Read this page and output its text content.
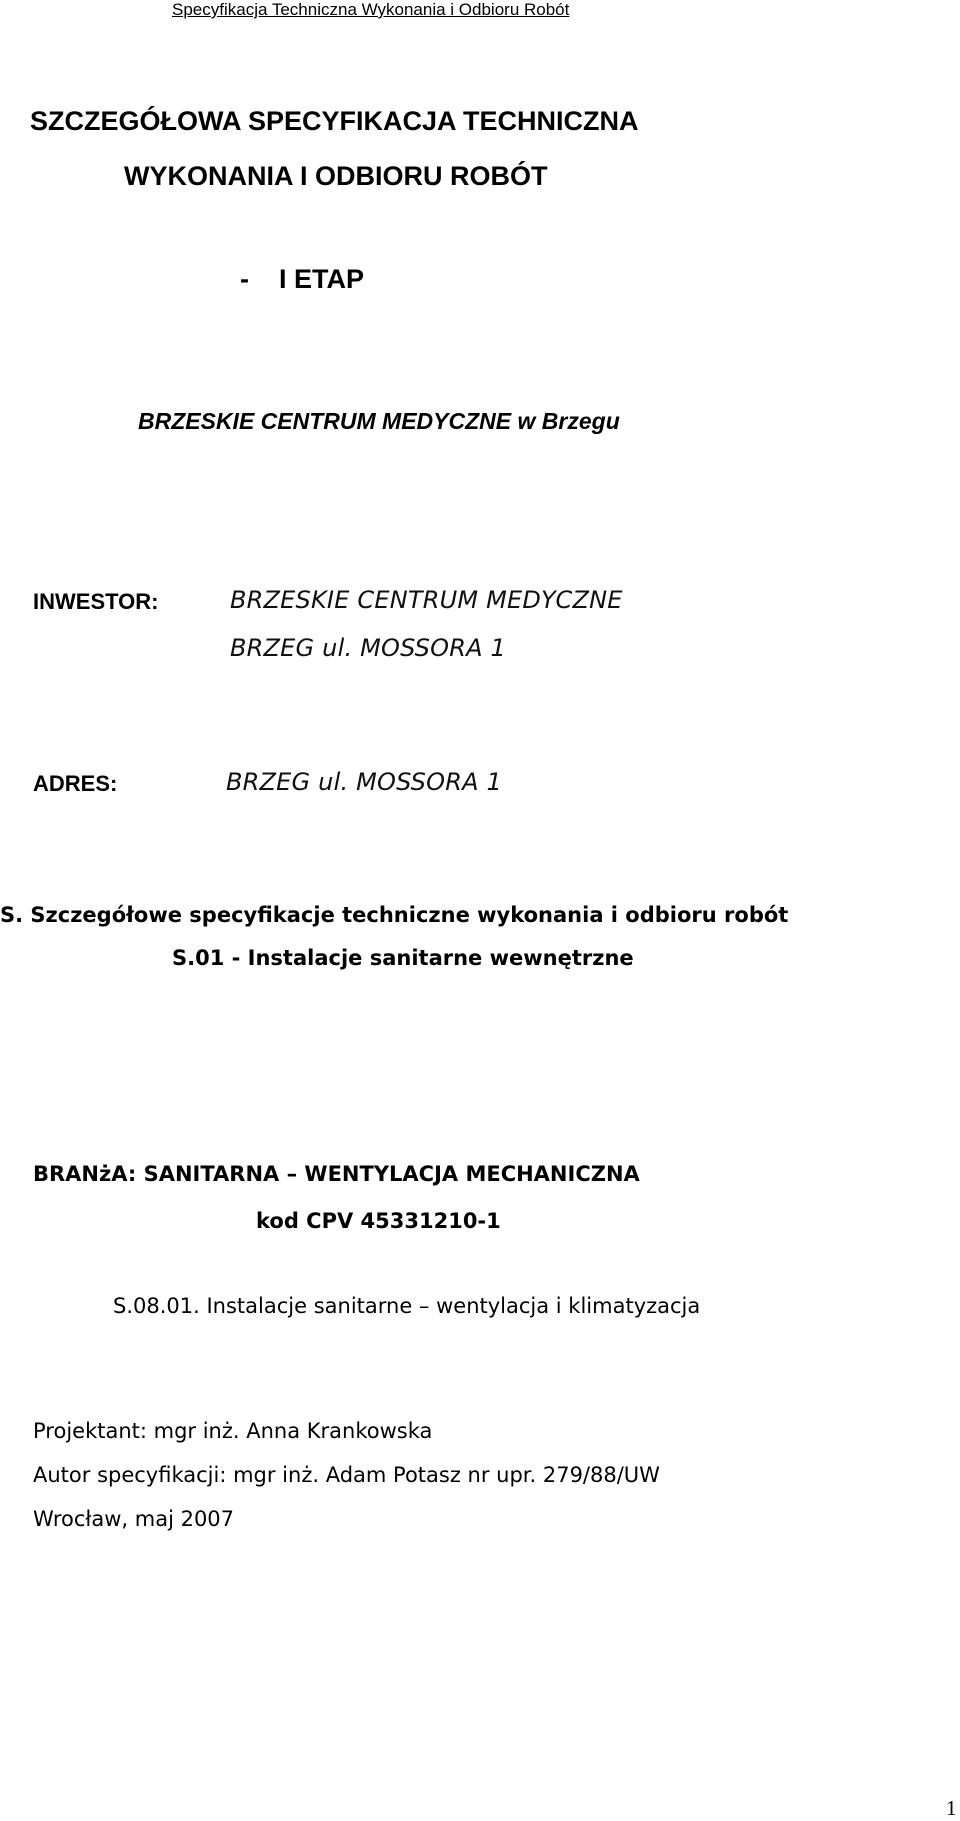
Specyfikacja Techniczna Wykonania i Odbioru Robót
SZCZEGÓŁOWA SPECYFIKACJA TECHNICZNA
WYKONANIA I ODBIORU ROBÓT
- I ETAP
BRZESKIE CENTRUM MEDYCZNE w Brzegu
INWESTOR:	BRZESKIE CENTRUM MEDYCZNE
BRZEG ul. MOSSORA 1
ADRES:	BRZEG ul. MOSSORA 1
S. Szczegółowe specyfikacje techniczne wykonania i odbioru robót
S.01 - Instalacje sanitarne wewnętrzne
BRANżA: SANITARNA – WENTYLACJA MECHANICZNA
kod CPV 45331210-1
S.08.01. Instalacje sanitarne – wentylacja i klimatyzacja
Projektant: mgr inż. Anna Krankowska
Autor specyfikacji: mgr inż. Adam Potasz nr upr. 279/88/UW
Wrocław, maj 2007
1
